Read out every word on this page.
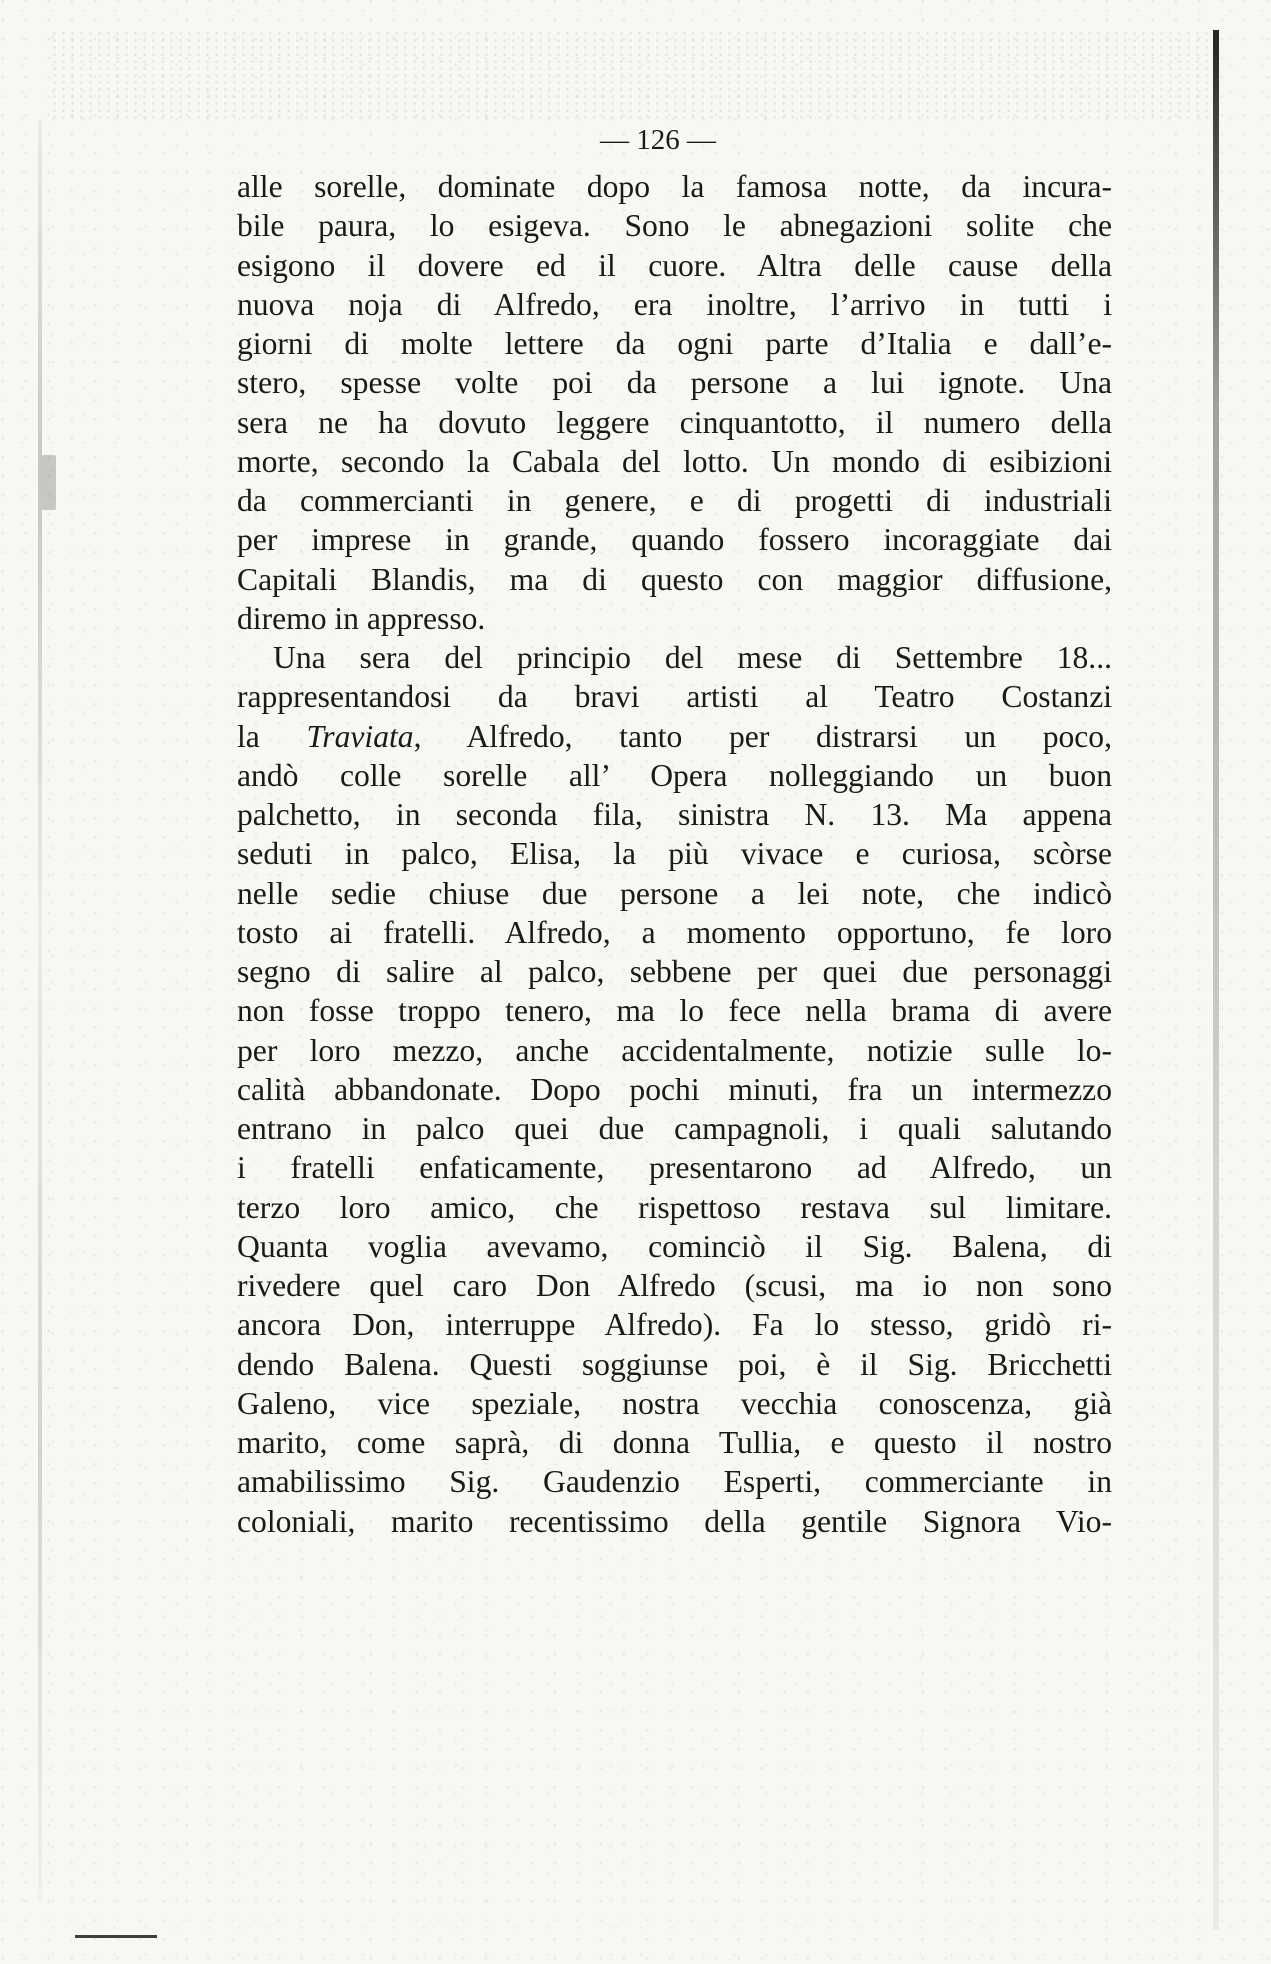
— 126 —
alle sorelle, dominate dopo la famosa notte, da incura-
bile paura, lo esigeva. Sono le abnegazioni solite che
esigono il dovere ed il cuore. Altra delle cause della
nuova noja di Alfredo, era inoltre, l’arrivo in tutti i
giorni di molte lettere da ogni parte d’Italia e dall’e-
stero, spesse volte poi da persone a lui ignote. Una
sera ne ha dovuto leggere cinquantotto, il numero della
morte, secondo la Cabala del lotto. Un mondo di esibizioni
da commercianti in genere, e di progetti di industriali
per imprese in grande, quando fossero incoraggiate dai
Capitali Blandis, ma di questo con maggior diffusione,
diremo in appresso.
Una sera del principio del mese di Settembre 18...
rappresentandosi da bravi artisti al Teatro Costanzi
la Traviata, Alfredo, tanto per distrarsi un poco,
andò colle sorelle all’ Opera nolleggiando un buon
palchetto, in seconda fila, sinistra N. 13. Ma appena
seduti in palco, Elisa, la più vivace e curiosa, scòrse
nelle sedie chiuse due persone a lei note, che indicò
tosto ai fratelli. Alfredo, a momento opportuno, fe loro
segno di salire al palco, sebbene per quei due personaggi
non fosse troppo tenero, ma lo fece nella brama di avere
per loro mezzo, anche accidentalmente, notizie sulle lo-
calità abbandonate. Dopo pochi minuti, fra un intermezzo
entrano in palco quei due campagnoli, i quali salutando
i fratelli enfaticamente, presentarono ad Alfredo, un
terzo loro amico, che rispettoso restava sul limitare.
Quanta voglia avevamo, cominciò il Sig. Balena, di
rivedere quel caro Don Alfredo (scusi, ma io non sono
ancora Don, interruppe Alfredo). Fa lo stesso, gridò ri-
dendo Balena. Questi soggiunse poi, è il Sig. Bricchetti
Galeno, vice speziale, nostra vecchia conoscenza, già
marito, come saprà, di donna Tullia, e questo il nostro
amabilissimo Sig. Gaudenzio Esperti, commerciante in
coloniali, marito recentissimo della gentile Signora Vio-
